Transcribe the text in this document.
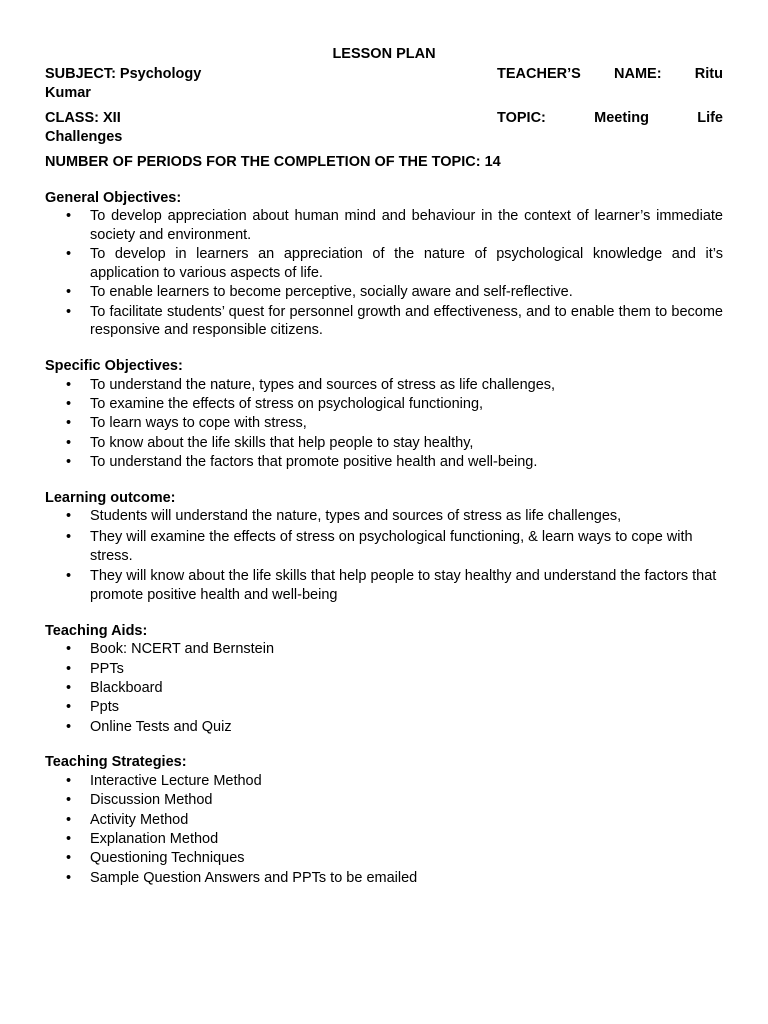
LESSON PLAN
SUBJECT: Psychology	TEACHER’S NAME: Ritu
Kumar
CLASS: XII	TOPIC:	Meeting	Life
Challenges
NUMBER OF PERIODS FOR THE COMPLETION OF THE TOPIC: 14
General Objectives:
• To develop appreciation about human mind and behaviour in the context of learner’s immediate society and environment.
• To develop in learners an appreciation of the nature of psychological knowledge and it’s application to various aspects of life.
• To enable learners to become perceptive, socially aware and self-reflective.
• To facilitate students’ quest for personnel growth and effectiveness, and to enable them to become responsive and responsible citizens.
Specific Objectives:
• To understand the nature, types and sources of stress as life challenges,
• To examine the effects of stress on psychological functioning,
• To learn ways to cope with stress,
• To know about the life skills that help people to stay healthy,
• To understand the factors that promote positive health and well-being.
Learning outcome:
• Students will understand the nature, types and sources of stress as life challenges,
• They will examine the effects of stress on psychological functioning, & learn ways to cope with stress.
• They will know about the life skills that help people to stay healthy and understand the factors that promote positive health and well-being
Teaching Aids:
• Book: NCERT and Bernstein
• PPTs
• Blackboard
• Ppts
• Online Tests and Quiz
Teaching Strategies:
• Interactive Lecture Method
• Discussion Method
• Activity Method
• Explanation Method
• Questioning Techniques
• Sample Question Answers and PPTs to be emailed
